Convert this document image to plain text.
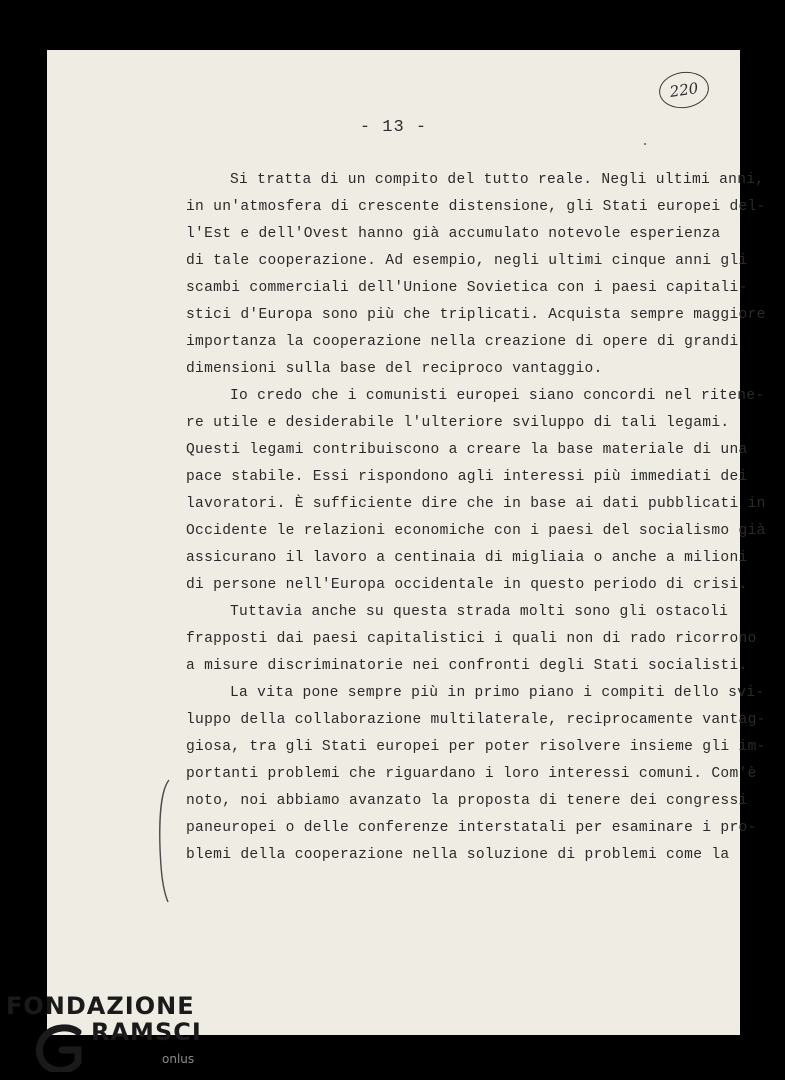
220
- 13 -
Si tratta di un compito del tutto reale. Negli ultimi anni,
in un'atmosfera di crescente distensione, gli Stati europei del-
l'Est e dell'Ovest hanno già accumulato notevole esperienza
di tale cooperazione. Ad esempio, negli ultimi cinque anni gli
scambi commerciali dell'Unione Sovietica con i paesi capitali-
stici d'Europa sono più che triplicati. Acquista sempre maggiore
importanza la cooperazione nella creazione di opere di grandi
dimensioni sulla base del reciproco vantaggio.
Io credo che i comunisti europei siano concordi nel ritene-
re utile e desiderabile l'ulteriore sviluppo di tali legami.
Questi legami contribuiscono a creare la base materiale di una
pace stabile. Essi rispondono agli interessi più immediati dei
lavoratori. È sufficiente dire che in base ai dati pubblicati in
Occidente le relazioni economiche con i paesi del socialismo già
assicurano il lavoro a centinaia di migliaia o anche a milioni
di persone nell'Europa occidentale in questo periodo di crisi.
Tuttavia anche su questa strada molti sono gli ostacoli
frapposti dai paesi capitalistici i quali non di rado ricorrono
a misure discriminatorie nei confronti degli Stati socialisti.
La vita pone sempre più in primo piano i compiti dello svi-
luppo della collaborazione multilaterale, reciprocamente vantag-
giosa, tra gli Stati europei per poter risolvere insieme gli im-
portanti problemi che riguardano i loro interessi comuni. Com'è
noto, noi abbiamo avanzato la proposta di tenere dei congressi
paneuropei o delle conferenze interstatali per esaminare i pro-
blemi della cooperazione nella soluzione di problemi come la
FONDAZIONE
RAMSCI
onlus
